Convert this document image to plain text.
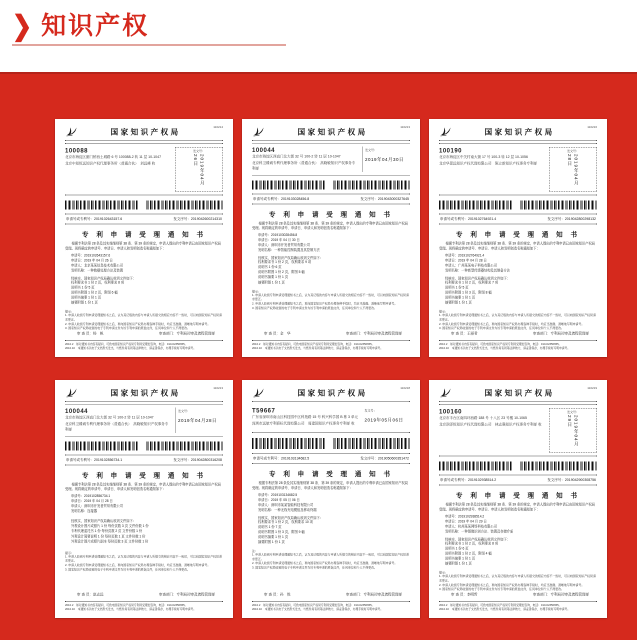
❯ 知识产权
国家知识产权局
110214
100088
北京市海淀区蓟门桥西土城路 6 号 100088-2 转 11 层 10-1047
北京中知恒远知识产权代理事务所（普通合伙）　刘远峰 收
发文号：
2019年04月26日
申请号或专利号：2019102643157.6	发文序号：2019042600214310
专 利 申 请 受 理 通 知 书

根据专利法第 28 条及其实施细则第 38 条、第 39 条的规定，申请人提出的专利申请已由国家知识产权局受理。现将确定的申请号、申请日、申请人和发明创造名称通知如下：

申请号：2019102643157.6
申请日：2019 年 04 月 26 日
申请人：北京某某信息技术有限公司
发明名称：一种数据处理方法及装置

经核实，国家知识产权局确认收到文件如下：

权利要求书 1 份 2 页，权利要求 8 项
说明书 1 份 5 页
说明书附图 1 份 2 页，附图 6 幅
说明书摘要 1 份 1 页
摘要附图 1 份 1 页
提示：
1. 申请人收到专利申请受理通知书之后，认为其记载的内容与申请人所提交的相应内容不一致时，可以向国家知识产权局请求更正。
2. 申请人收到专利申请受理通知书之后，再向国家知识产权局办理各种手续时，均应当准确、清晰地写明申请号。
3. 国家知识产权局收到的电子专利申请文件为该专利申请的原始文件，任何单位和个人不得更改。
审 查 员：杨　帆	审查部门：专利局初审及流程管理部
2010.2　如对通知书内容有疑问，可致电国家知识产权局专利局受理处咨询，电话：010-62356655。
2010.10　本通知书以电子文档形式发出，与纸件具有同等法律效力，请妥善保存，办理手续时写明申请号。
国家知识产权局
110213
100044
北京市海淀区西直门北大街 32 号 100-2 转 11 层 10-1047
北京科卫臻诚专利代理事务所（普通合伙）　高晓敏知识产权事务专利部
发文号：
2019年04月30日
申请号或专利号：2019103028456.8	发文序号：2019043000327645
专 利 申 请 受 理 通 知 书

根据专利法第 28 条及其实施细则第 38 条、第 39 条的规定，申请人提出的专利申请已由国家知识产权局受理。现将确定的申请号、申请日、申请人和发明创造名称通知如下：

申请号：2019103028456.8
申请日：2019 年 04 月 30 日
申请人：深圳市开发者贸易有限公司
发明名称：一种智能控制装置及其控制方法

经核实，国家知识产权局确认收到文件如下：

权利要求书 1 份 2 页，权利要求 9 项
说明书 1 份 6 页
说明书附图 1 份 2 页，附图 5 幅
说明书摘要 1 份 1 页
摘要附图 1 份 1 页
提示：
1. 申请人收到专利申请受理通知书之后，认为其记载的内容与申请人所提交的相应内容不一致时，可以向国家知识产权局请求更正。
2. 申请人收到专利申请受理通知书之后，再向国家知识产权局办理各种手续时，均应当准确、清晰地写明申请号。
3. 国家知识产权局收到的电子专利申请文件为该专利申请的原始文件，任何单位和个人不得更改。
审 查 员：金　华	审查部门：专利局初审及流程管理部
2010.2　如对通知书内容有疑问，可致电国家知识产权局专利局受理处咨询，电话：010-62356655。
2010.10　本通知书以电子文档形式发出，与纸件具有同等法律效力，请妥善保存，办理手续时写明申请号。
国家知识产权局
110216
100190
北京市海淀区中关村南大街 17 号 100-3 转 12 层 10-1056
北京华思远知识产权代理有限公司　陈立新知识产权事务专利部
发文号：
2019年04月28日
申请号或专利号：2019102764921.4	发文序号：2019042800298132
专 利 申 请 受 理 通 知 书

根据专利法第 28 条及其实施细则第 38 条、第 39 条的规定，申请人提出的专利申请已由国家知识产权局受理。现将确定的申请号、申请日、申请人和发明创造名称通知如下：

申请号：2019102764921.4
申请日：2019 年 04 月 28 日
申请人：广州某某电子科技有限公司
发明名称：一种新型传感器结构及其制备方法

经核实，国家知识产权局确认收到文件如下：

权利要求书 1 份 2 页，权利要求 7 项
说明书 1 份 5 页
说明书附图 1 份 3 页，附图 8 幅
说明书摘要 1 份 1 页
摘要附图 1 份 1 页
提示：
1. 申请人收到专利申请受理通知书之后，认为其记载的内容与申请人所提交的相应内容不一致时，可以向国家知识产权局请求更正。
2. 申请人收到专利申请受理通知书之后，再向国家知识产权局办理各种手续时，均应当准确、清晰地写明申请号。
3. 国家知识产权局收到的电子专利申请文件为该专利申请的原始文件，任何单位和个人不得更改。
审 查 员：王丽君	审查部门：专利局初审及流程管理部
2010.2　如对通知书内容有疑问，可致电国家知识产权局专利局受理处咨询，电话：010-62356655。
2010.10　本通知书以电子文档形式发出，与纸件具有同等法律效力，请妥善保存，办理手续时写明申请号。
国家知识产权局
110213
100044
北京市海淀区西直门北大街 32 号 100-2 转 11 层 10-1047
北京科卫臻诚专利代理事务所（普通合伙）　高晓敏知识产权事务专利部
发文号：
2019年04月28日
申请号或专利号：2019102856734.1	发文序号：2019042800316208
专 利 申 请 受 理 通 知 书

根据专利法第 28 条及其实施细则第 38 条、第 39 条的规定，申请人提出的专利申请已由国家知识产权局受理。现将确定的申请号、申请日、申请人和发明创造名称通知如下：

申请号：2019102856734.1
申请日：2019 年 04 月 28 日
申请人：深圳市开发者贸易有限公司
发明名称：连接器

经核实，国家知识产权局确认收到文件如下：
外观设计图片或照片 1 份 每份页数 3 页 文件份数 1 份
专利代理委托书 1 份 每份页数 2 页 文件份数 1 份
外观设计简要说明 1 份 每份页数 1 页 文件份数 1 份
外观设计图片或照片副本 每份页数 3 页 文件份数 1 份

提示：
1. 申请人收到专利申请受理通知书之后，认为其记载的内容与申请人所提交的相应内容不一致时，可以向国家知识产权局请求更正。
2. 申请人收到专利申请受理通知书之后，再向国家知识产权局办理各种手续时，均应当准确、清晰地写明申请号。
3. 国家知识产权局收到的电子专利申请文件为该专利申请的原始文件，任何单位和个人不得更改。
审 查 员：赵志远	审查部门：专利局初审及流程管理部
2010.2　如对通知书内容有疑问，可致电国家知识产权局专利局受理处咨询，电话：010-62356655。
2010.10　本通知书以电子文档形式发出，与纸件具有同等法律效力，请妥善保存，办理手续时写明申请号。
国家知识产权局
110218
T59667
广东省深圳市南山区科技园中区科苑路 15 号 科兴科学园 B 栋 3 单元
深圳市远航专利商标代理有限公司　周建国知识产权事务专利部 收
发文号：
2019年05月06日
申请号或专利号：2019103134682.5	发文序号：2019050600351472
专 利 申 请 受 理 通 知 书

根据专利法第 28 条及其实施细则第 38 条、第 39 条的规定，申请人提出的专利申请已由国家知识产权局受理。现将确定的申请号、申请日、申请人和发明创造名称通知如下：

申请号：2019103134682.5
申请日：2019 年 05 月 06 日
申请人：深圳市某某智能科技有限公司
发明名称：一种无线充电模组及移动终端

经核实，国家知识产权局确认收到文件如下：

权利要求书 1 份 2 页，权利要求 10 项
说明书 1 份 7 页
说明书附图 1 份 3 页，附图 9 幅
说明书摘要 1 份 1 页
摘要附图 1 份 1 页
注：
1. 申请人收到专利申请受理通知书之后，认为其记载的内容与申请人所提交的相应内容不一致时，可以向国家知识产权局请求更正。
2. 申请人收到专利申请受理通知书之后，再向国家知识产权局办理各种手续时，均应当准确、清晰地写明申请号。
3. 国家知识产权局收到的电子专利申请文件为该专利申请的原始文件，任何单位和个人不得更改。
审 查 员：孙　悦	审查部门：专利局初审及流程管理部
2010.2　如对通知书内容有疑问，可致电国家知识产权局专利局受理处咨询，电话：010-62356655。
2010.10　本通知书以电子文档形式发出，与纸件具有同等法律效力，请妥善保存，办理手续时写明申请号。
国家知识产权局
110219
100160
北京市丰台区南四环西路 188 号 十八区 23 号楼 10-1065
北京润泽恒知识产权代理有限公司　林志强知识产权事务专利部 收
发文号：
2019年04月29日
申请号或专利号：2019102938514.2	发文序号：2019042900308756
专 利 申 请 受 理 通 知 书

根据专利法第 28 条及其实施细则第 38 条、第 39 条的规定，申请人提出的专利申请已由国家知识产权局受理。现将确定的申请号、申请日、申请人和发明创造名称通知如下：

申请号：2019102938514.2
申请日：2019 年 04 月 29 日
申请人：杭州某某网络科技有限公司
发明名称：一种图像识别方法、装置及存储介质

经核实，国家知识产权局确认收到文件如下：

权利要求书 1 份 2 页，权利要求 8 项
说明书 1 份 6 页
说明书附图 1 份 2 页，附图 4 幅
说明书摘要 1 份 1 页
摘要附图 1 份 1 页
提示：
1. 申请人收到专利申请受理通知书之后，认为其记载的内容与申请人所提交的相应内容不一致时，可以向国家知识产权局请求更正。
2. 申请人收到专利申请受理通知书之后，再向国家知识产权局办理各种手续时，均应当准确、清晰地写明申请号。
3. 国家知识产权局收到的电子专利申请文件为该专利申请的原始文件，任何单位和个人不得更改。
审 查 员：李明哲	审查部门：专利局初审及流程管理部
2010.2　如对通知书内容有疑问，可致电国家知识产权局专利局受理处咨询，电话：010-62356655。
2010.10　本通知书以电子文档形式发出，与纸件具有同等法律效力，请妥善保存，办理手续时写明申请号。
